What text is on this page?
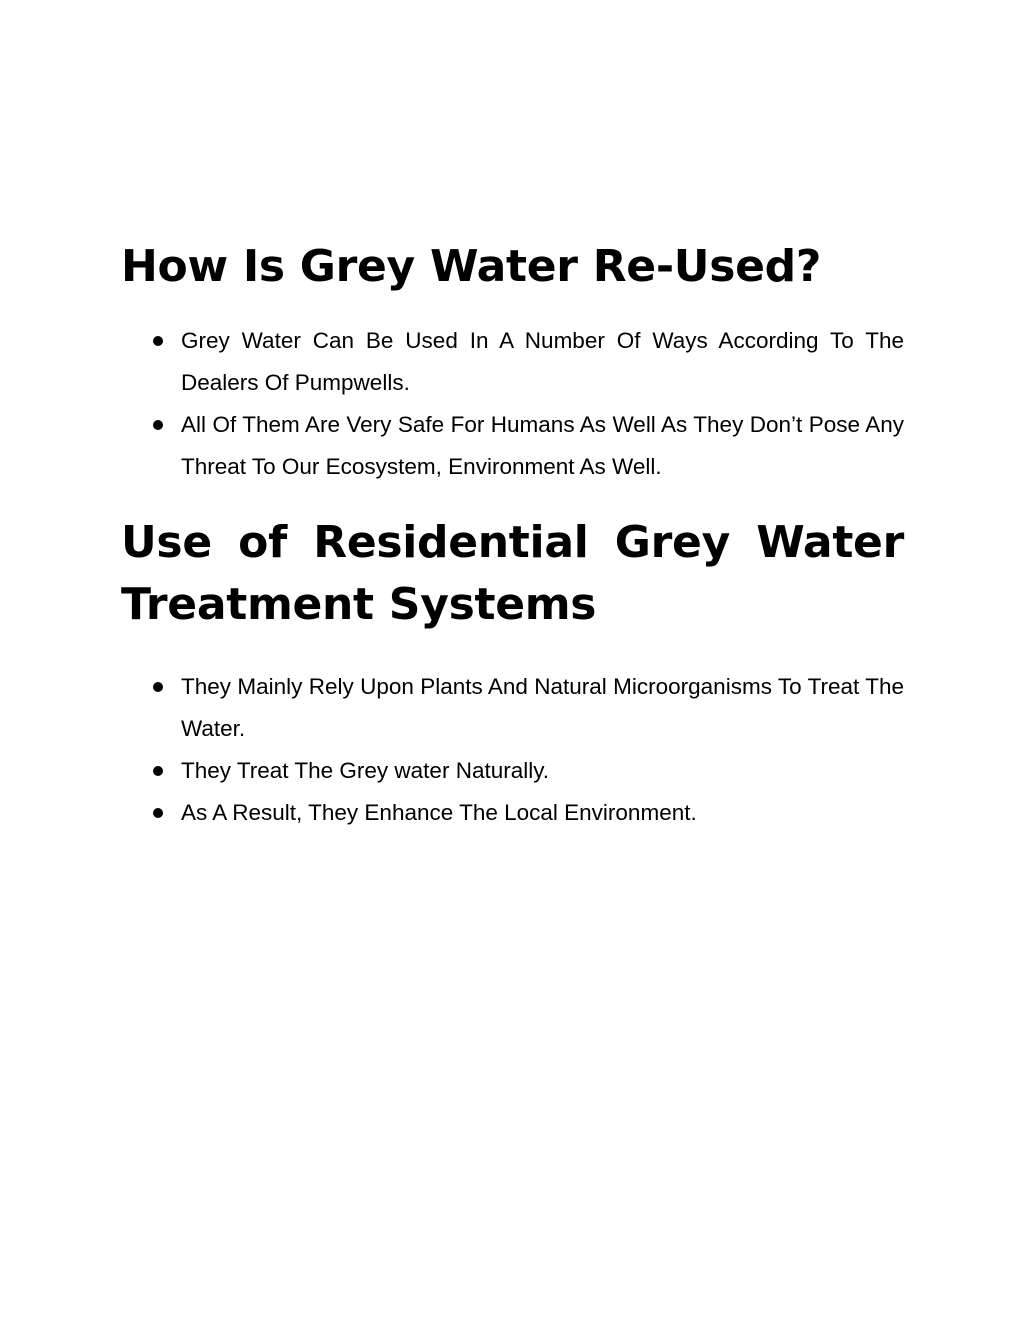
How Is Grey Water Re-Used?
Grey Water Can Be Used In A Number Of Ways According To The Dealers Of Pumpwells.
All Of Them Are Very Safe For Humans As Well As They Don’t Pose Any Threat To Our Ecosystem, Environment As Well.
Use of Residential Grey Water Treatment Systems
They Mainly Rely Upon Plants And Natural Microorganisms To Treat The Water.
They Treat The Grey water Naturally.
As A Result, They Enhance The Local Environment.
